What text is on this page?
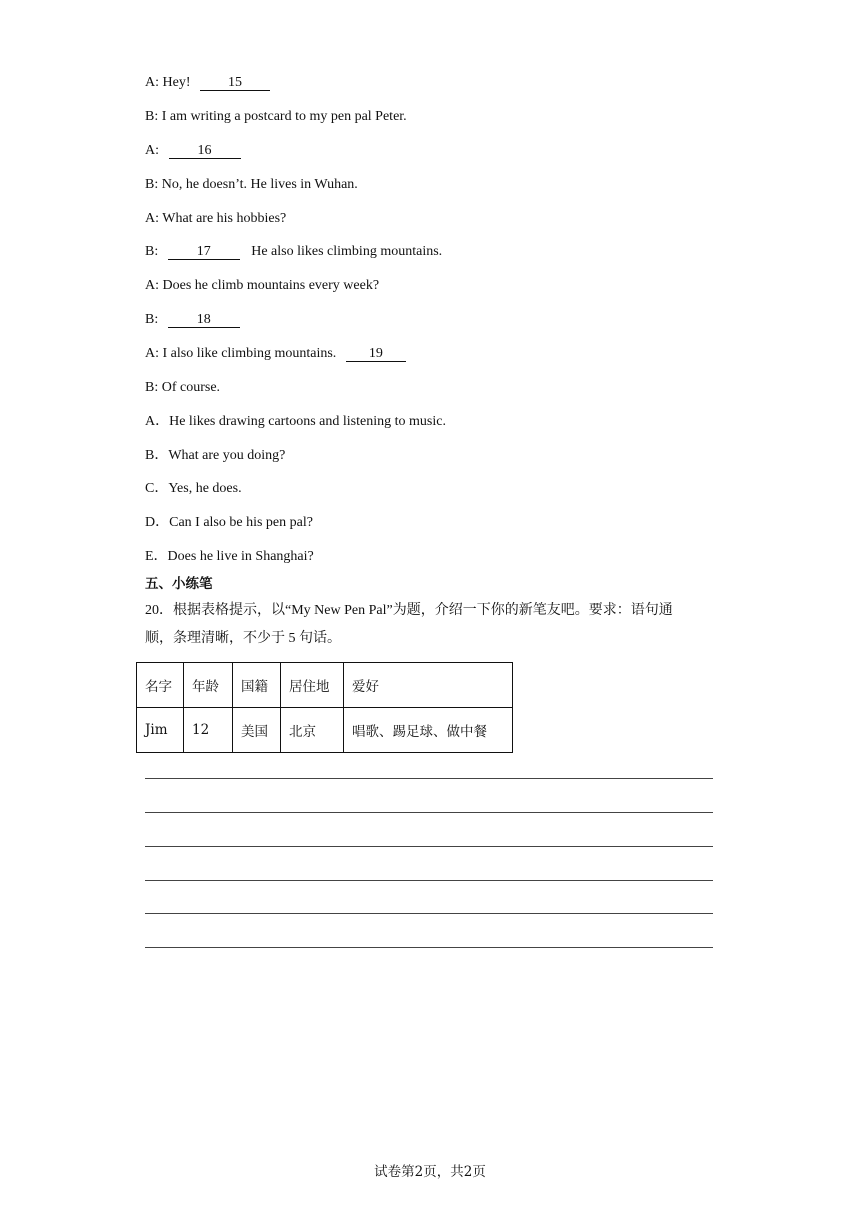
A: Hey!	15
B: I am writing a postcard to my pen pal Peter.
A:	16
B: No, he doesn’t. He lives in Wuhan.
A: What are his hobbies?
B:	17	He also likes climbing mountains.
A: Does he climb mountains every week?
B:	18
A: I also like climbing mountains. 19
B: Of course.
A．He likes drawing cartoons and listening to music.
B．What are you doing?
C．Yes, he does.
D．Can I also be his pen pal?
E．Does he live in Shanghai?
五、小练笔
20．根据表格提示，以“My New Pen Pal”为题，介绍一下你的新笔友吧。要求：语句通
顺，条理清晰，不少于 5 句话。
名字	年龄	国籍	居住地	爱好
Jim	12	美国	北京	唱歌、踢足球、做中餐
试卷第2页，共2页
